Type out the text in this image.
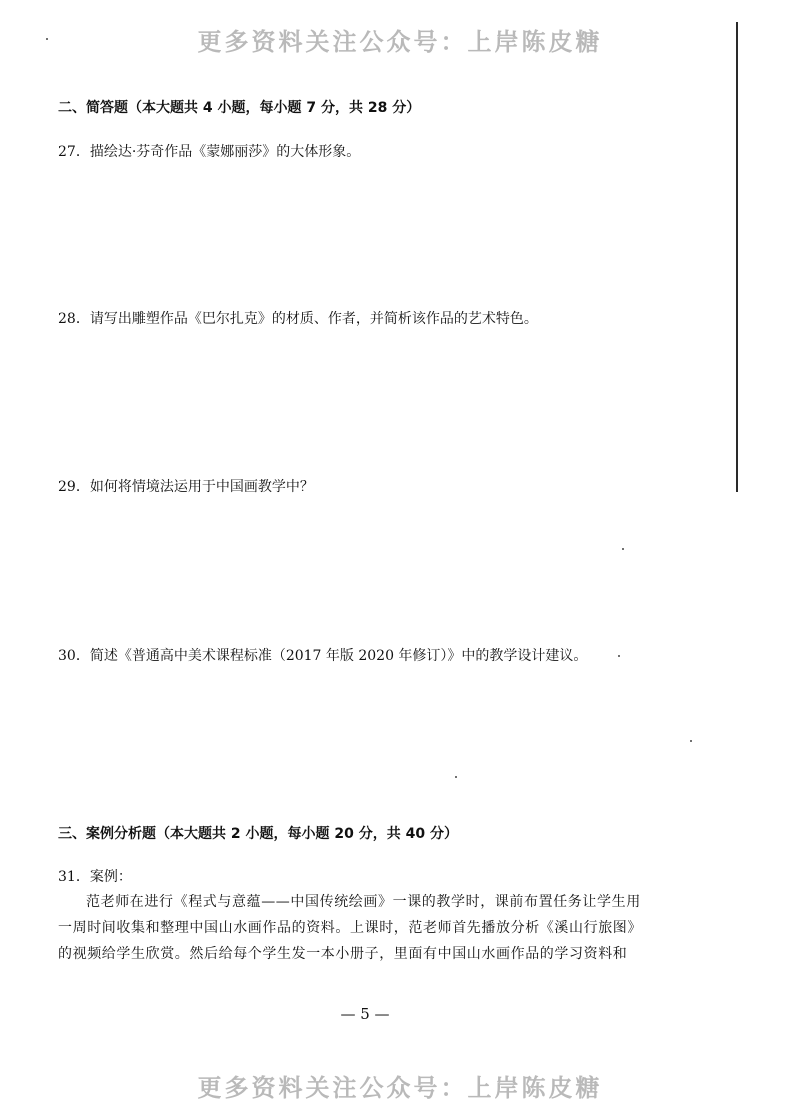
更多资料关注公众号：上岸陈皮糖
二、简答题（本大题共 4 小题，每小题 7 分，共 28 分）
27．描绘达·芬奇作品《蒙娜丽莎》的大体形象。
28．请写出雕塑作品《巴尔扎克》的材质、作者，并简析该作品的艺术特色。
29．如何将情境法运用于中国画教学中？
30．简述《普通高中美术课程标准（2017 年版 2020 年修订）》中的教学设计建议。
三、案例分析题（本大题共 2 小题，每小题 20 分，共 40 分）
31．案例：
范老师在进行《程式与意蕴——中国传统绘画》一课的教学时，课前布置任务让学生用
一周时间收集和整理中国山水画作品的资料。上课时，范老师首先播放分析《溪山行旅图》
的视频给学生欣赏。然后给每个学生发一本小册子，里面有中国山水画作品的学习资料和
— 5 —
更多资料关注公众号：上岸陈皮糖
